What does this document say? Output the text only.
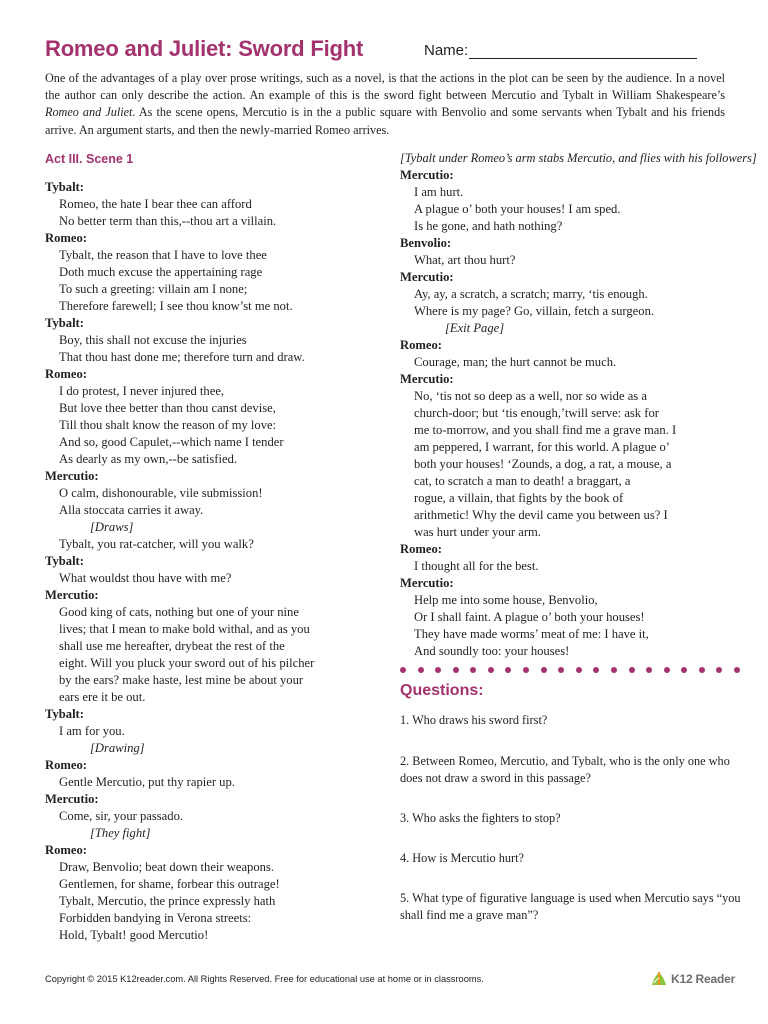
Romeo and Juliet: Sword Fight	Name:
One of the advantages of a play over prose writings, such as a novel, is that the actions in the plot can be seen by the audience. In a novel the author can only describe the action. An example of this is the sword fight between Mercutio and Tybalt in William Shakespeare’s Romeo and Juliet. As the scene opens, Mercutio is in the a public square with Benvolio and some servants when Tybalt and his friends arrive. An argument starts, and then the newly-married Romeo arrives.
Act III. Scene 1
Tybalt:
Romeo, the hate I bear thee can afford
No better term than this,--thou art a villain.
Romeo:
Tybalt, the reason that I have to love thee
Doth much excuse the appertaining rage
To such a greeting: villain am I none;
Therefore farewell; I see thou know’st me not.
Tybalt:
Boy, this shall not excuse the injuries
That thou hast done me; therefore turn and draw.
Romeo:
I do protest, I never injured thee,
But love thee better than thou canst devise,
Till thou shalt know the reason of my love:
And so, good Capulet,--which name I tender
As dearly as my own,--be satisfied.
Mercutio:
O calm, dishonourable, vile submission!
Alla stoccata carries it away.
[Draws]
Tybalt, you rat-catcher, will you walk?
Tybalt:
What wouldst thou have with me?
Mercutio:
Good king of cats, nothing but one of your nine
lives; that I mean to make bold withal, and as you
shall use me hereafter, drybeat the rest of the
eight. Will you pluck your sword out of his pilcher
by the ears? make haste, lest mine be about your
ears ere it be out.
Tybalt:
I am for you.
[Drawing]
Romeo:
Gentle Mercutio, put thy rapier up.
Mercutio:
Come, sir, your passado.
[They fight]
Romeo:
Draw, Benvolio; beat down their weapons.
Gentlemen, for shame, forbear this outrage!
Tybalt, Mercutio, the prince expressly hath
Forbidden bandying in Verona streets:
Hold, Tybalt! good Mercutio!
[Tybalt under Romeo’s arm stabs Mercutio, and flies with his followers]
Mercutio:
I am hurt.
A plague o’ both your houses! I am sped.
Is he gone, and hath nothing?
Benvolio:
What, art thou hurt?
Mercutio:
Ay, ay, a scratch, a scratch; marry, ‘tis enough.
Where is my page? Go, villain, fetch a surgeon.
[Exit Page]
Romeo:
Courage, man; the hurt cannot be much.
Mercutio:
No, ‘tis not so deep as a well, nor so wide as a
church-door; but ‘tis enough,’twill serve: ask for
me to-morrow, and you shall find me a grave man. I
am peppered, I warrant, for this world. A plague o’
both your houses! ‘Zounds, a dog, a rat, a mouse, a
cat, to scratch a man to death! a braggart, a
rogue, a villain, that fights by the book of
arithmetic! Why the devil came you between us? I
was hurt under your arm.
Romeo:
I thought all for the best.
Mercutio:
Help me into some house, Benvolio,
Or I shall faint. A plague o’ both your houses!
They have made worms’ meat of me: I have it,
And soundly too: your houses!
Questions:
1. Who draws his sword first?
2. Between Romeo, Mercutio, and Tybalt, who is the only one who does not draw a sword in this passage?
3. Who asks the fighters to stop?
4. How is Mercutio hurt?
5. What type of figurative language is used when Mercutio says “you shall find me a grave man”?
Copyright © 2015 K12reader.com. All Rights Reserved. Free for educational use at home or in classrooms.	K12 Reader
